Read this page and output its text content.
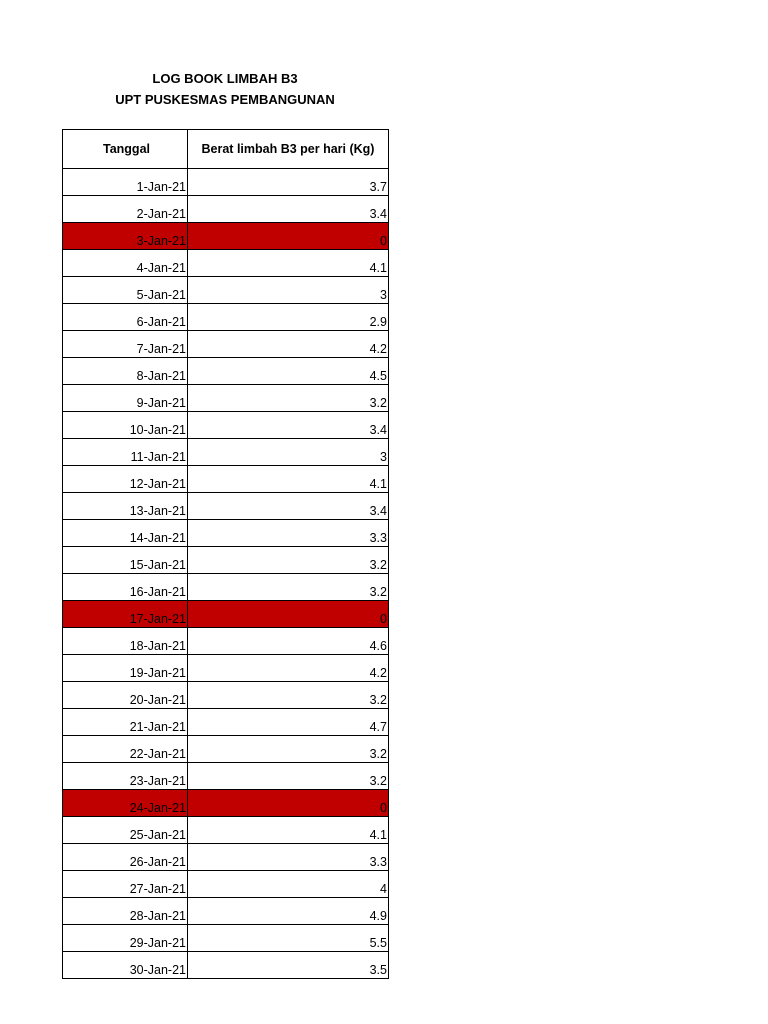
LOG BOOK LIMBAH B3
UPT PUSKESMAS PEMBANGUNAN
Tanggal	Berat limbah B3 per hari (Kg)
1-Jan-21	3.7
2-Jan-21	3.4
3-Jan-21	0
4-Jan-21	4.1
5-Jan-21	3
6-Jan-21	2.9
7-Jan-21	4.2
8-Jan-21	4.5
9-Jan-21	3.2
10-Jan-21	3.4
11-Jan-21	3
12-Jan-21	4.1
13-Jan-21	3.4
14-Jan-21	3.3
15-Jan-21	3.2
16-Jan-21	3.2
17-Jan-21	0
18-Jan-21	4.6
19-Jan-21	4.2
20-Jan-21	3.2
21-Jan-21	4.7
22-Jan-21	3.2
23-Jan-21	3.2
24-Jan-21	0
25-Jan-21	4.1
26-Jan-21	3.3
27-Jan-21	4
28-Jan-21	4.9
29-Jan-21	5.5
30-Jan-21	3.5
